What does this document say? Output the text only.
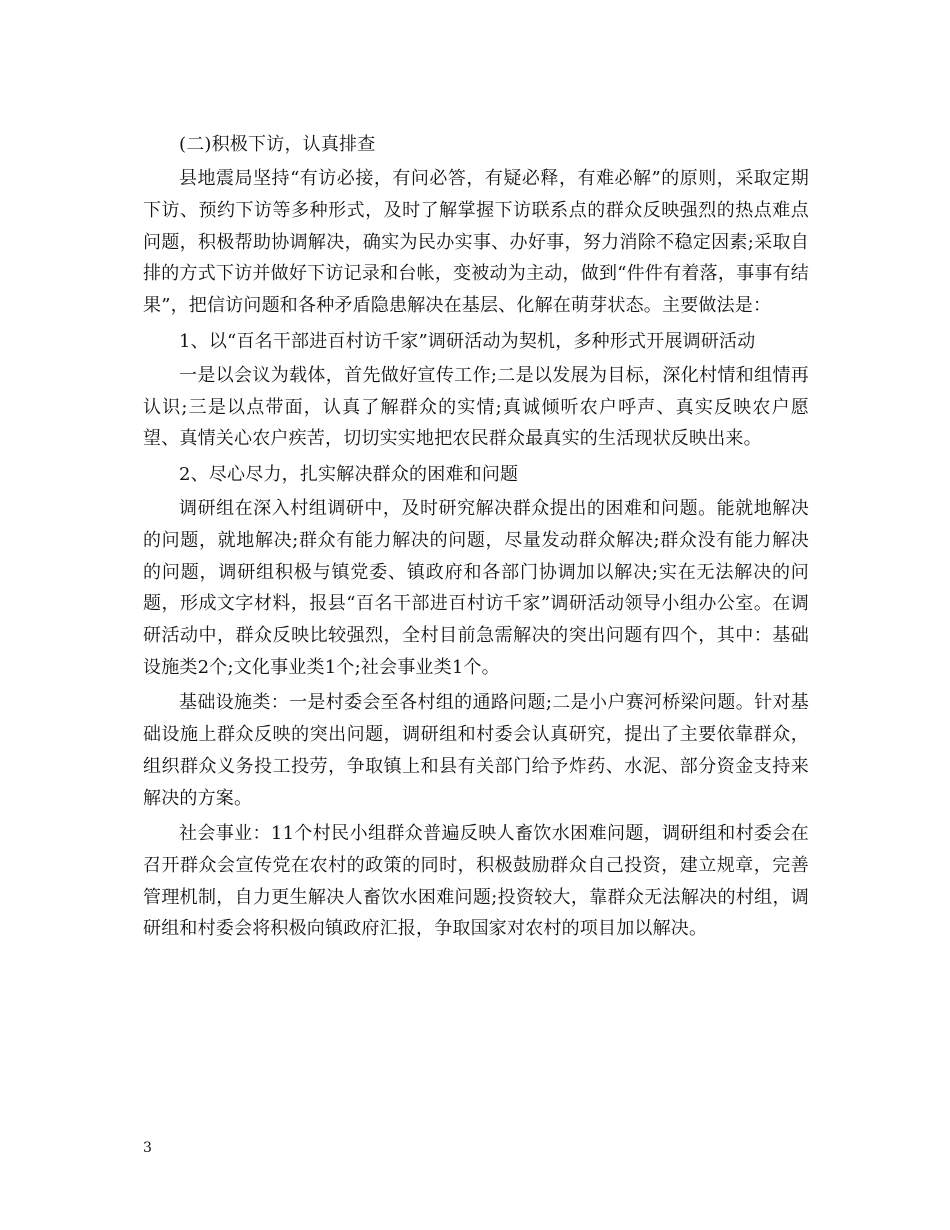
(二)积极下访，认真排查

县地震局坚持“有访必接，有问必答，有疑必释，有难必解”的原则，采取定期下访、预约下访等多种形式，及时了解掌握下访联系点的群众反映强烈的热点难点问题，积极帮助协调解决，确实为民办实事、办好事，努力消除不稳定因素;采取自排的方式下访并做好下访记录和台帐，变被动为主动，做到“件件有着落，事事有结果”，把信访问题和各种矛盾隐患解决在基层、化解在萌芽状态。主要做法是：

1、以“百名干部进百村访千家”调研活动为契机，多种形式开展调研活动

一是以会议为载体，首先做好宣传工作;二是以发展为目标，深化村情和组情再认识;三是以点带面，认真了解群众的实情;真诚倾听农户呼声、真实反映农户愿望、真情关心农户疾苦，切切实实地把农民群众最真实的生活现状反映出来。

2、尽心尽力，扎实解决群众的困难和问题

调研组在深入村组调研中，及时研究解决群众提出的困难和问题。能就地解决的问题，就地解决;群众有能力解决的问题，尽量发动群众解决;群众没有能力解决的问题，调研组积极与镇党委、镇政府和各部门协调加以解决;实在无法解决的问题，形成文字材料，报县“百名干部进百村访千家”调研活动领导小组办公室。在调研活动中，群众反映比较强烈，全村目前急需解决的突出问题有四个，其中：基础设施类2个;文化事业类1个;社会事业类1个。

基础设施类：一是村委会至各村组的通路问题;二是小户赛河桥梁问题。针对基础设施上群众反映的突出问题，调研组和村委会认真研究，提出了主要依靠群众，组织群众义务投工投劳，争取镇上和县有关部门给予炸药、水泥、部分资金支持来解决的方案。

社会事业：11个村民小组群众普遍反映人畜饮水困难问题，调研组和村委会在召开群众会宣传党在农村的政策的同时，积极鼓励群众自己投资，建立规章，完善管理机制，自力更生解决人畜饮水困难问题;投资较大，靠群众无法解决的村组，调研组和村委会将积极向镇政府汇报，争取国家对农村的项目加以解决。

3
